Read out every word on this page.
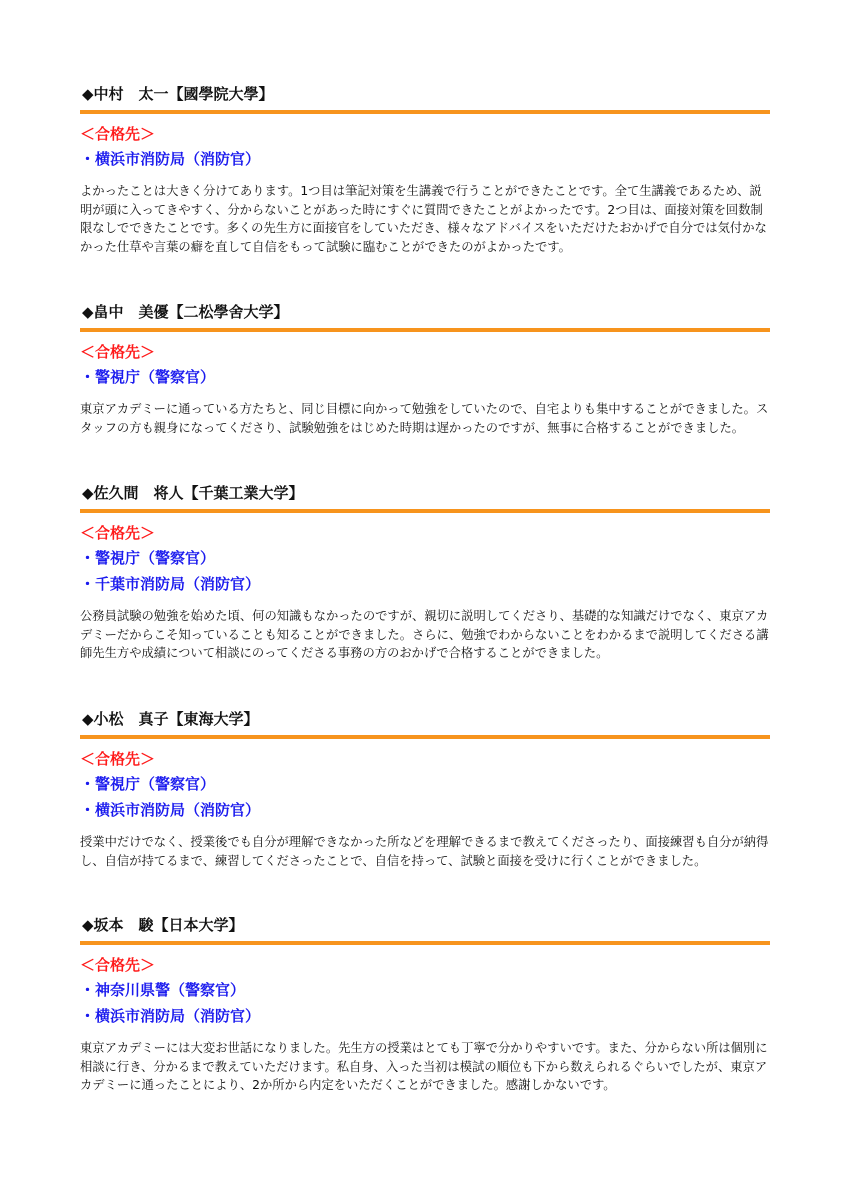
◆中村　太一【國學院大學】
＜合格先＞
・横浜市消防局（消防官）
よかったことは大きく分けてあります。1つ目は筆記対策を生講義で行うことができたことです。全て生講義であるため、説明が頭に入ってきやすく、分からないことがあった時にすぐに質問できたことがよかったです。2つ目は、面接対策を回数制限なしでできたことです。多くの先生方に面接官をしていただき、様々なアドバイスをいただけたおかげで自分では気付かなかった仕草や言葉の癖を直して自信をもって試験に臨むことができたのがよかったです。
◆畠中　美優【二松學舍大学】
＜合格先＞
・警視庁（警察官）
東京アカデミーに通っている方たちと、同じ目標に向かって勉強をしていたので、自宅よりも集中することができました。スタッフの方も親身になってくださり、試験勉強をはじめた時期は遅かったのですが、無事に合格することができました。
◆佐久間　将人【千葉工業大学】
＜合格先＞
・警視庁（警察官）
・千葉市消防局（消防官）
公務員試験の勉強を始めた頃、何の知識もなかったのですが、親切に説明してくださり、基礎的な知識だけでなく、東京アカデミーだからこそ知っていることも知ることができました。さらに、勉強でわからないことをわかるまで説明してくださる講師先生方や成績について相談にのってくださる事務の方のおかげで合格することができました。
◆小松　真子【東海大学】
＜合格先＞
・警視庁（警察官）
・横浜市消防局（消防官）
授業中だけでなく、授業後でも自分が理解できなかった所などを理解できるまで教えてくださったり、面接練習も自分が納得し、自信が持てるまで、練習してくださったことで、自信を持って、試験と面接を受けに行くことができました。
◆坂本　駿【日本大学】
＜合格先＞
・神奈川県警（警察官）
・横浜市消防局（消防官）
東京アカデミーには大変お世話になりました。先生方の授業はとても丁寧で分かりやすいです。また、分からない所は個別に相談に行き、分かるまで教えていただけます。私自身、入った当初は模試の順位も下から数えられるぐらいでしたが、東京アカデミーに通ったことにより、2か所から内定をいただくことができました。感謝しかないです。
